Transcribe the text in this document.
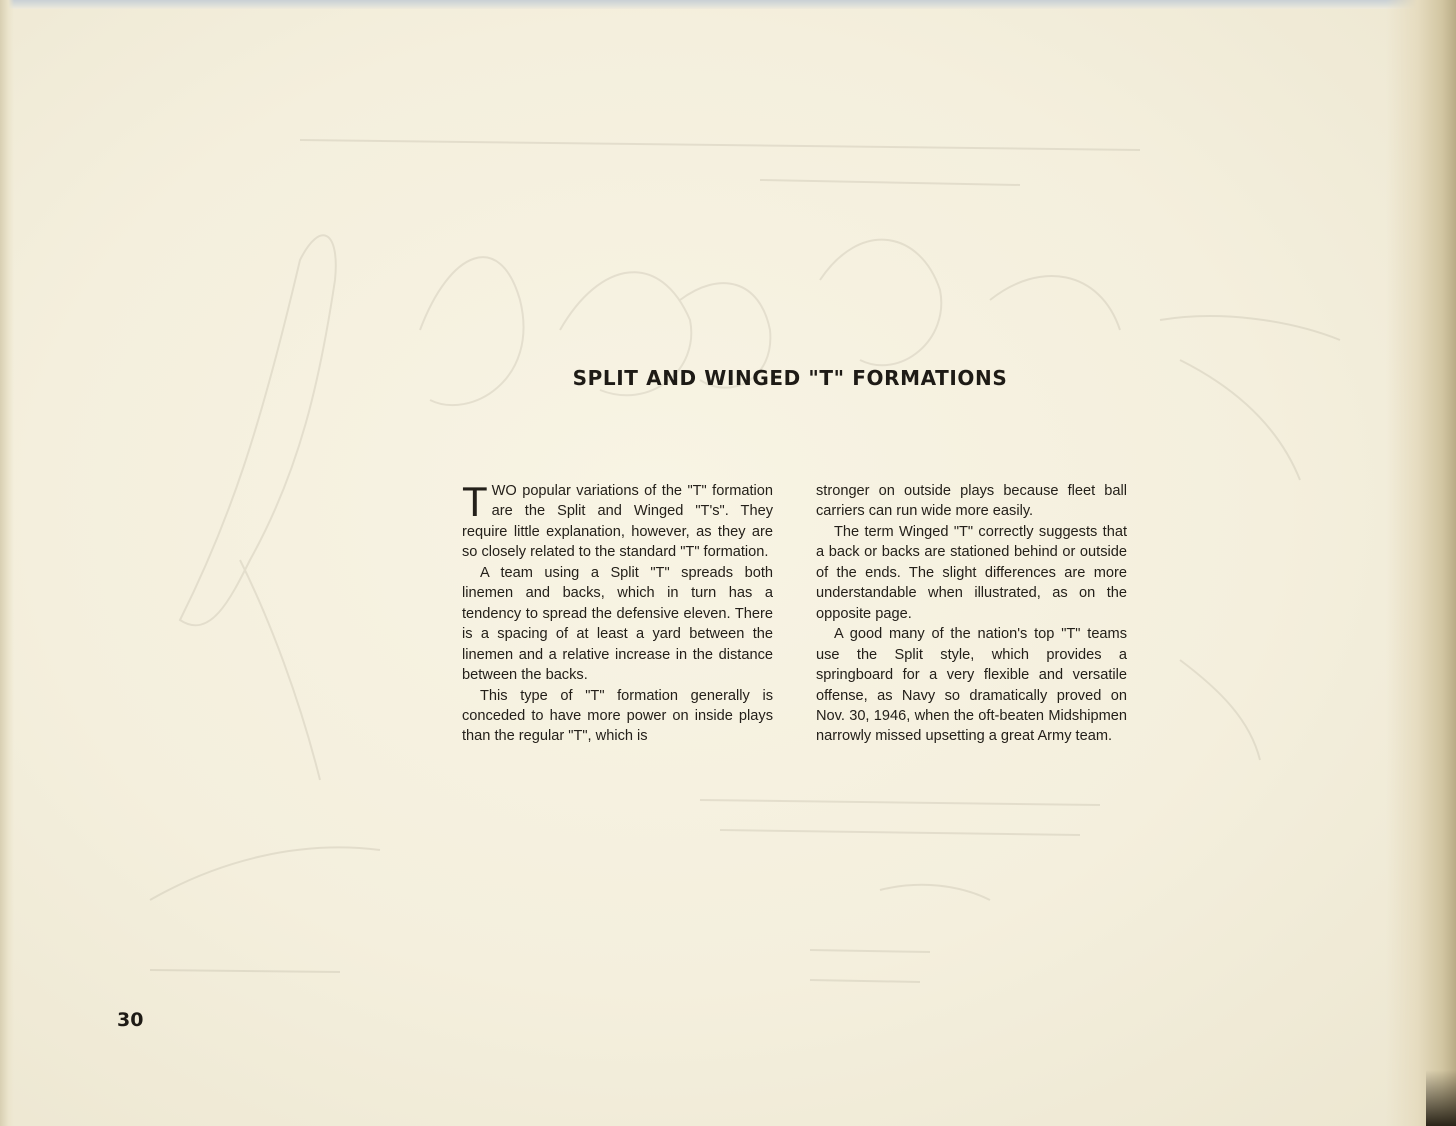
SPLIT AND WINGED "T" FORMATIONS

TWO popular variations of the "T" formation are the Split and Winged "T's". They require little explanation, however, as they are so closely related to the standard "T" formation.

A team using a Split "T" spreads both linemen and backs, which in turn has a tendency to spread the defensive eleven. There is a spacing of at least a yard between the linemen and a relative increase in the distance between the backs.

This type of "T" formation generally is conceded to have more power on inside plays than the regular "T", which is

stronger on outside plays because fleet ball carriers can run wide more easily.

The term Winged "T" correctly suggests that a back or backs are stationed behind or outside of the ends. The slight differences are more understandable when illustrated, as on the opposite page.

A good many of the nation's top "T" teams use the Split style, which provides a springboard for a very flexible and versatile offense, as Navy so dramatically proved on Nov. 30, 1946, when the oft-beaten Midshipmen narrowly missed upsetting a great Army team.

30
